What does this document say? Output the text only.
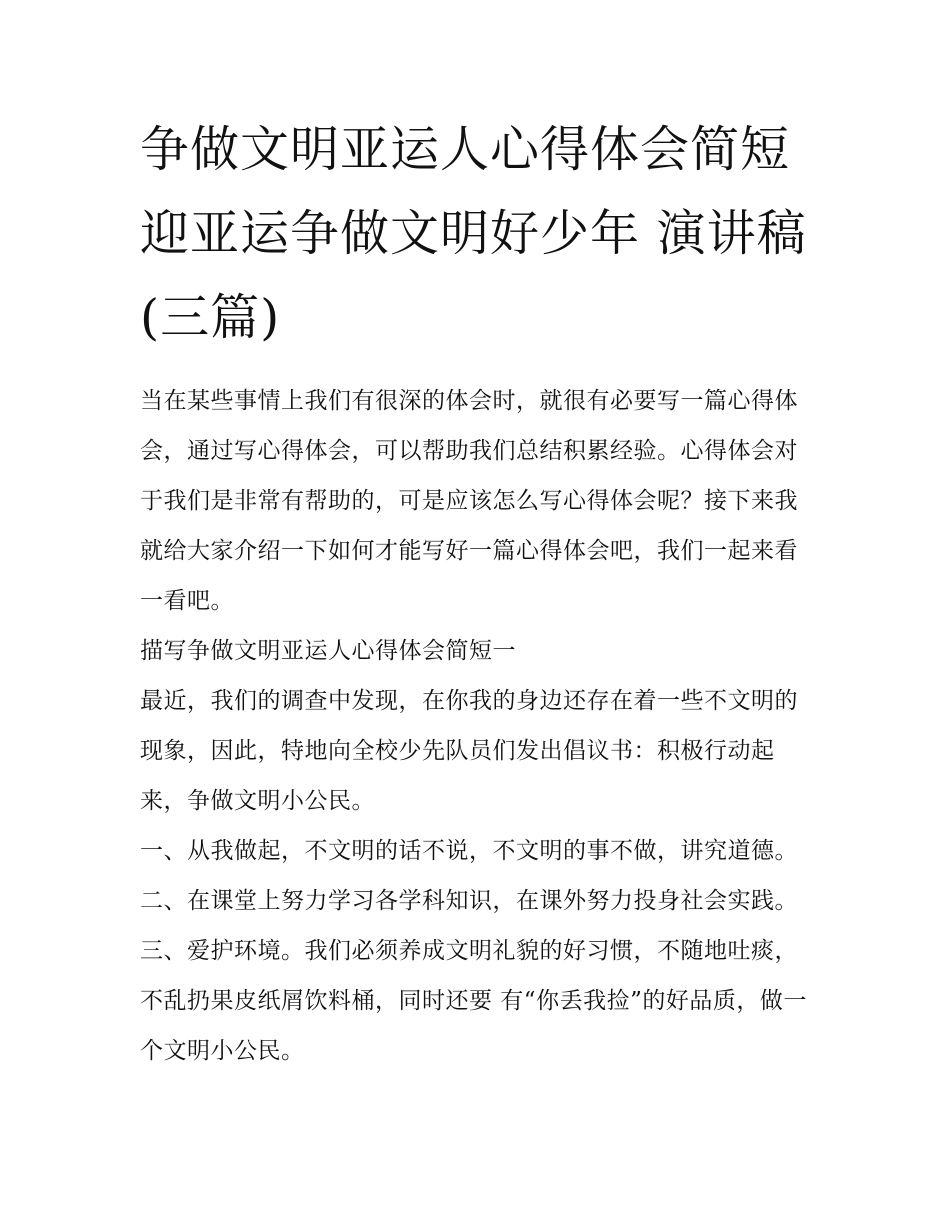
争做文明亚运人心得体会简短
迎亚运争做文明好少年 演讲稿
(三篇)

当在某些事情上我们有很深的体会时，就很有必要写一篇心得体会，通过写心得体会，可以帮助我们总结积累经验。心得体会对于我们是非常有帮助的，可是应该怎么写心得体会呢？接下来我就给大家介绍一下如何才能写好一篇心得体会吧，我们一起来看一看吧。

描写争做文明亚运人心得体会简短一

最近，我们的调查中发现，在你我的身边还存在着一些不文明的现象，因此，特地向全校少先队员们发出倡议书：积极行动起来，争做文明小公民。

一、从我做起，不文明的话不说，不文明的事不做，讲究道德。 二、在课堂上努力学习各学科知识，在课外努力投身社会实践。

三、爱护环境。我们必须养成文明礼貌的好习惯，不随地吐痰，不乱扔果皮纸屑饮料桶，同时还要 有“你丢我捡”的好品质，做一个文明小公民。
